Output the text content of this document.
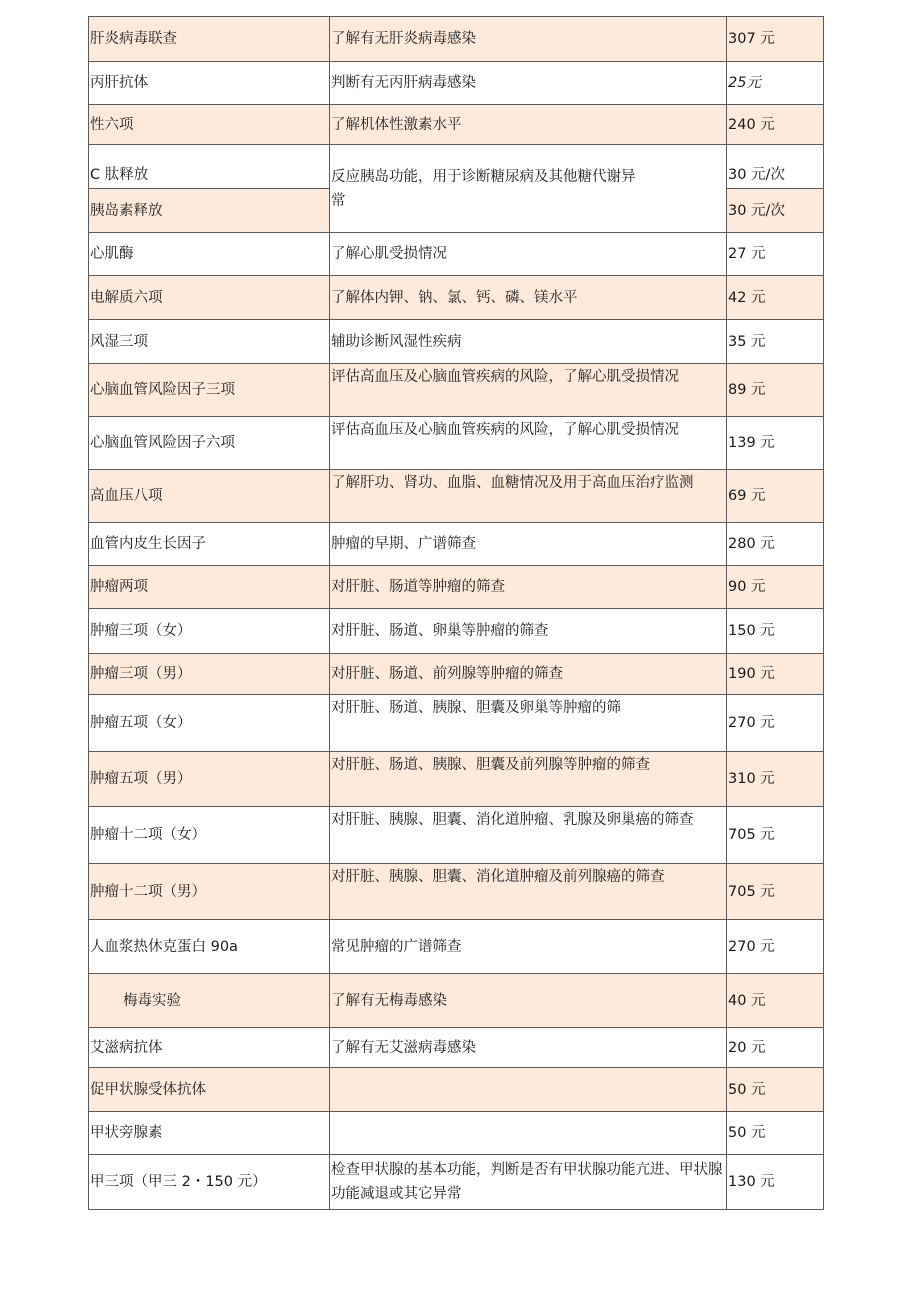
肝炎病毒联查	了解有无肝炎病毒感染	307 元
丙肝抗体	判断有无丙肝病毒感染	25元
性六项	了解机体性激素水平	240 元
C 肽释放	反应胰岛功能，用于诊断糖尿病及其他糖代谢异常	30 元/次
胰岛素释放		30 元/次
心肌酶	了解心肌受损情况	27 元
电解质六项	了解体内钾、钠、氯、钙、磷、镁水平	42 元
风湿三项	辅助诊断风湿性疾病	35 元
心脑血管风险因子三项	评估高血压及心脑血管疾病的风险，了解心肌受损情况	89 元
心脑血管风险因子六项	评估高血压及心脑血管疾病的风险，了解心肌受损情况	139 元
高血压八项	了解肝功、肾功、血脂、血糖情况及用于高血压治疗监测	69 元
血管内皮生长因子	肿瘤的早期、广谱筛查	280 元
肿瘤两项	对肝脏、肠道等肿瘤的筛查	90 元
肿瘤三项（女）	对肝脏、肠道、卵巢等肿瘤的筛查	150 元
肿瘤三项（男）	对肝脏、肠道、前列腺等肿瘤的筛查	190 元
肿瘤五项（女）	对肝脏、肠道、胰腺、胆囊及卵巢等肿瘤的筛	270 元
肿瘤五项（男）	对肝脏、肠道、胰腺、胆囊及前列腺等肿瘤的筛查	310 元
肿瘤十二项（女）	对肝脏、胰腺、胆囊、消化道肿瘤、乳腺及卵巢癌的筛查	705 元
肿瘤十二项（男）	对肝脏、胰腺、胆囊、消化道肿瘤及前列腺癌的筛查	705 元
人血浆热休克蛋白 90a	常见肿瘤的广谱筛查	270 元
梅毒实验	了解有无梅毒感染	40 元
艾滋病抗体	了解有无艾滋病毒感染	20 元
促甲状腺受体抗体		50 元
甲状旁腺素		50 元
甲三项（甲三 2・150 元）	检查甲状腺的基本功能，判断是否有甲状腺功能亢进、甲状腺功能减退或其它异常	130 元
